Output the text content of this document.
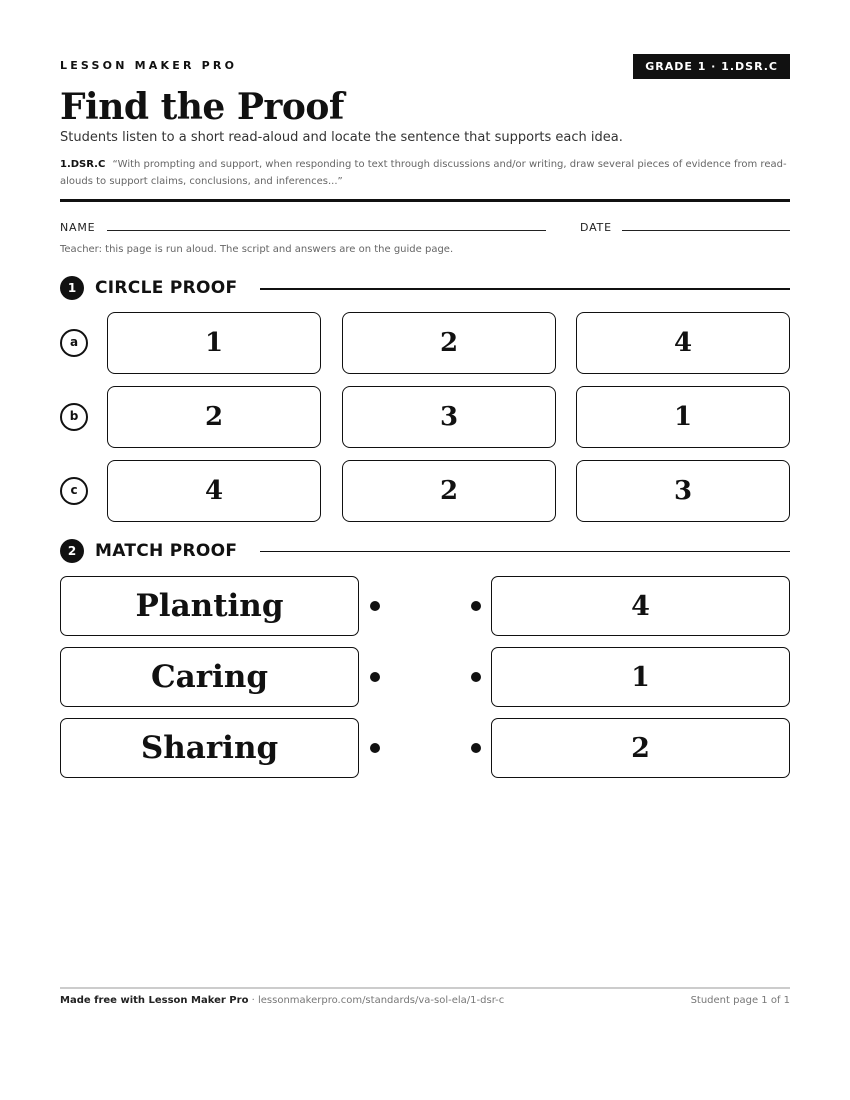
LESSON MAKER PRO	GRADE 1 · 1.DSR.C
Find the Proof

Students listen to a short read-aloud and locate the sentence that supports each idea.

1.DSR.C “With prompting and support, when responding to text through discussions and/or writing, draw several pieces of evidence from read-alouds to support claims, conclusions, and inferences...”

NAME	DATE

Teacher: this page is run aloud. The script and answers are on the guide page.

1	CIRCLE PROOF
a	1	2	4
b	2	3	1
c	4	2	3
2	MATCH PROOF
Planting	4
Caring	1
Sharing	2
Made free with Lesson Maker Pro · lessonmakerpro.com/standards/va-sol-ela/1-dsr-c	Student page 1 of 1
